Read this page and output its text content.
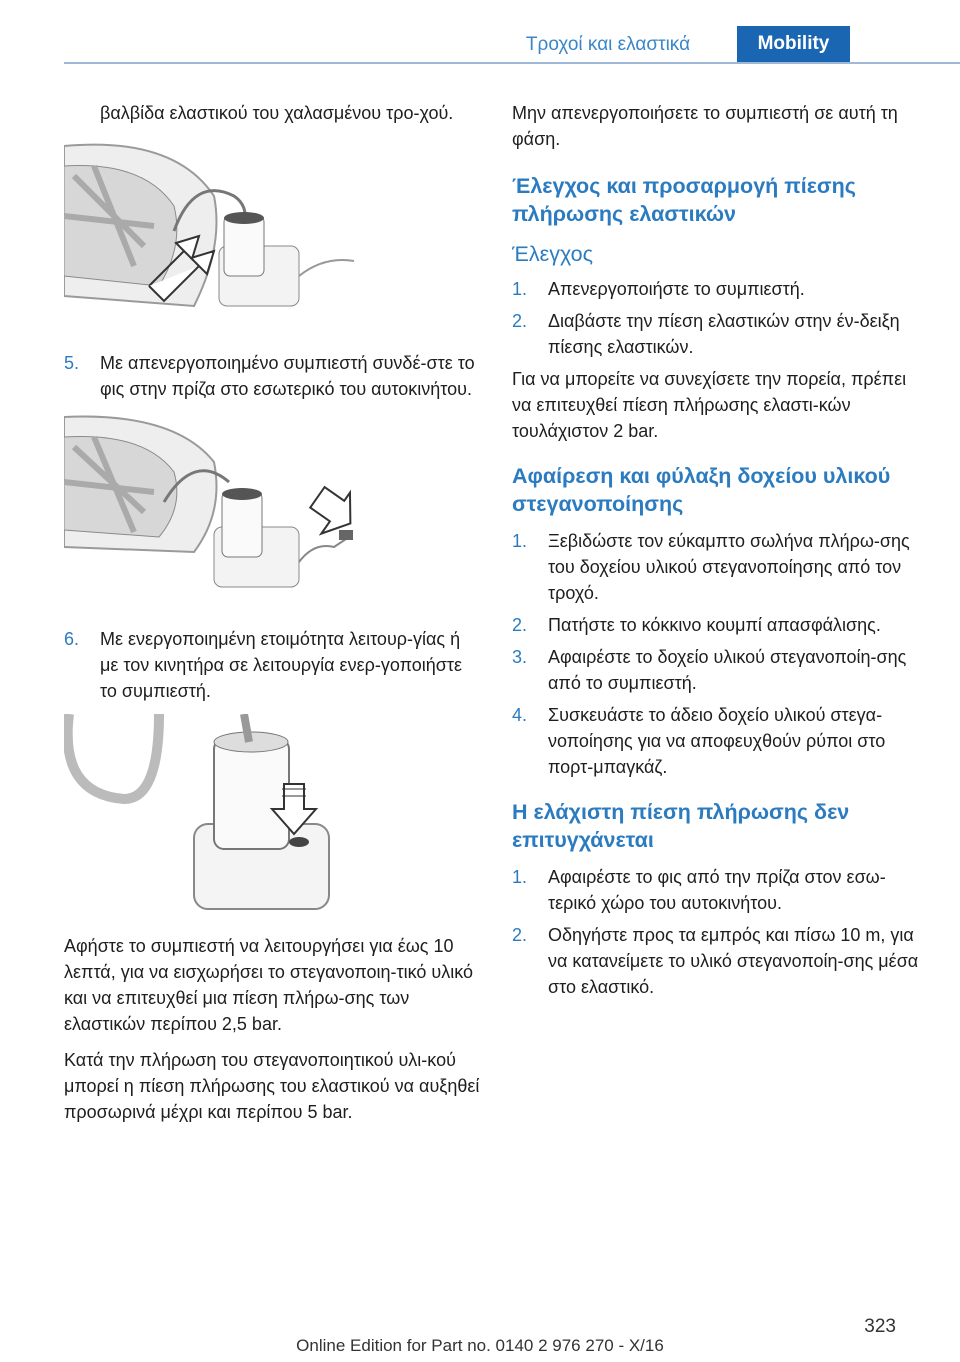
Τροχοί και ελαστικά	Mobility

βαλβίδα ελαστικού του χαλασμένου τρο‐χού.

5.	Με απενεργοποιημένο συμπιεστή συνδέ‐στε το φις στην πρίζα στο εσωτερικό του αυτοκινήτου.
6.	Με ενεργοποιημένη ετοιμότητα λειτουρ‐γίας ή με τον κινητήρα σε λειτουργία ενερ‐γοποιήστε το συμπιεστή.

Αφήστε το συμπιεστή να λειτουργήσει για έως 10 λεπτά, για να εισχωρήσει το στεγανοποιη‐τικό υλικό και να επιτευχθεί μια πίεση πλήρω‐σης των ελαστικών περίπου 2,5 bar.

Κατά την πλήρωση του στεγανοποιητικού υλι‐κού μπορεί η πίεση πλήρωσης του ελαστικού να αυξηθεί προσωρινά μέχρι και περίπου 5 bar.

Μην απενεργοποιήσετε το συμπιεστή σε αυτή τη φάση.

Έλεγχος και προσαρμογή πίεσης πλήρωσης ελαστικών
Έλεγχος
1.	Απενεργοποιήστε το συμπιεστή.
2.	Διαβάστε την πίεση ελαστικών στην έν‐δειξη πίεσης ελαστικών.

Για να μπορείτε να συνεχίσετε την πορεία, πρέπει να επιτευχθεί πίεση πλήρωσης ελαστι‐κών τουλάχιστον 2 bar.

Αφαίρεση και φύλαξη δοχείου υλικού στεγανοποίησης
1.	Ξεβιδώστε τον εύκαμπτο σωλήνα πλήρω‐σης του δοχείου υλικού στεγανοποίησης από τον τροχό.
2.	Πατήστε το κόκκινο κουμπί απασφάλισης.
3.	Αφαιρέστε το δοχείο υλικού στεγανοποίη‐σης από το συμπιεστή.
4.	Συσκευάστε το άδειο δοχείο υλικού στεγα‐νοποίησης για να αποφευχθούν ρύποι στο πορτ-μπαγκάζ.
Η ελάχιστη πίεση πλήρωσης δεν επιτυγχάνεται
1.	Αφαιρέστε το φις από την πρίζα στον εσω‐τερικό χώρο του αυτοκινήτου.
2.	Οδηγήστε προς τα εμπρός και πίσω 10 m, για να κατανείμετε το υλικό στεγανοποίη‐σης μέσα στο ελαστικό.
323
Online Edition for Part no. 0140 2 976 270 - X/16
